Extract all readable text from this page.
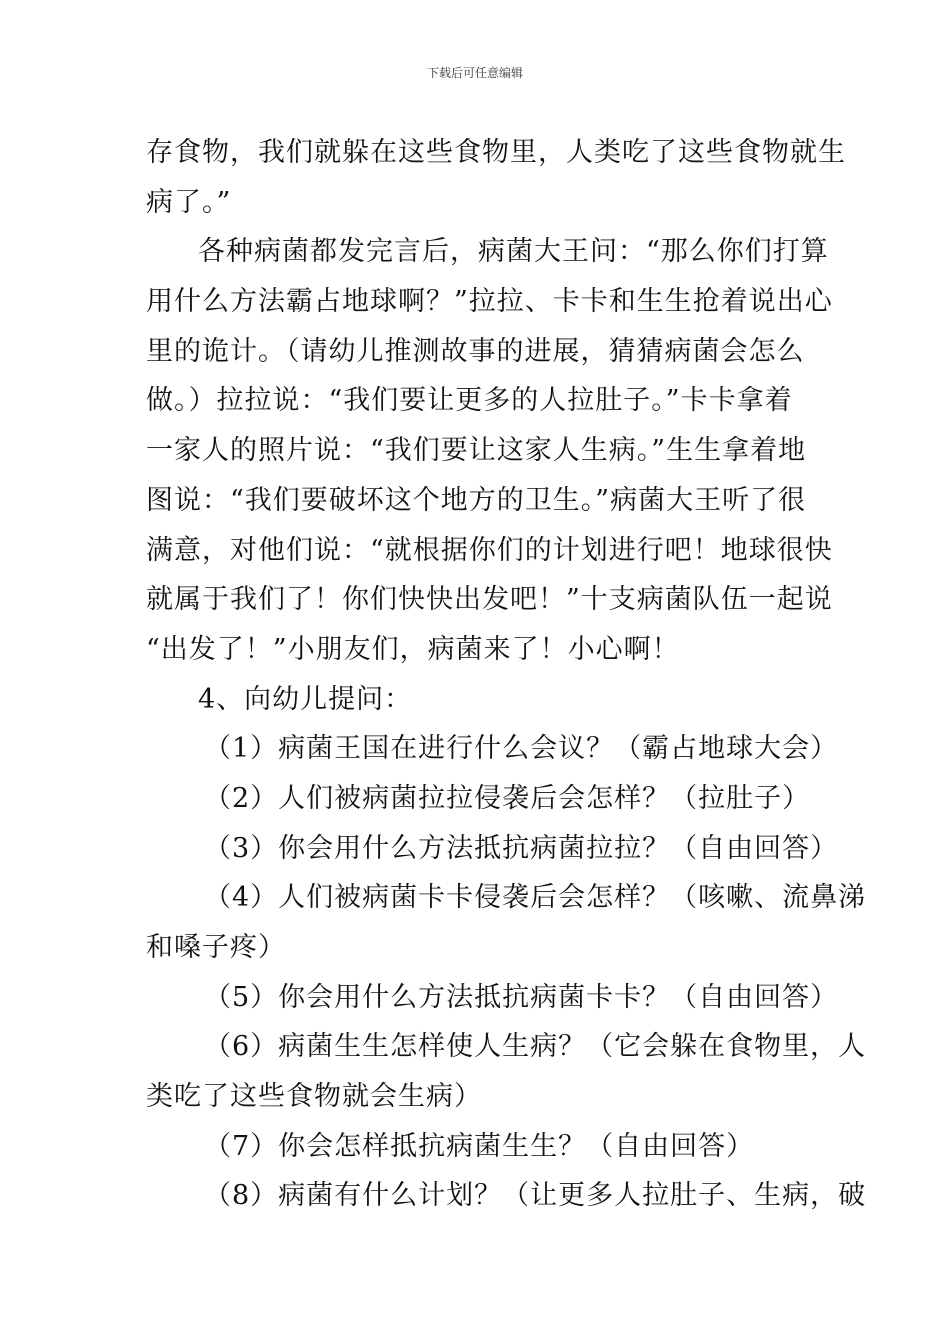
下载后可任意编辑
存食物，我们就躲在这些食物里，人类吃了这些食物就生
病了。”
各种病菌都发完言后，病菌大王问：“那么你们打算
用什么方法霸占地球啊？”拉拉、卡卡和生生抢着说出心
里的诡计。（请幼儿推测故事的进展，猜猜病菌会怎么
做。）拉拉说：“我们要让更多的人拉肚子。”卡卡拿着
一家人的照片说：“我们要让这家人生病。”生生拿着地
图说：“我们要破坏这个地方的卫生。”病菌大王听了很
满意，对他们说：“就根据你们的计划进行吧！地球很快
就属于我们了！你们快快出发吧！”十支病菌队伍一起说
“出发了！”小朋友们，病菌来了！小心啊！
4、向幼儿提问：
（1）病菌王国在进行什么会议？（霸占地球大会）
（2）人们被病菌拉拉侵袭后会怎样？（拉肚子）
（3）你会用什么方法抵抗病菌拉拉？（自由回答）
（4）人们被病菌卡卡侵袭后会怎样？（咳嗽、流鼻涕
和嗓子疼）
（5）你会用什么方法抵抗病菌卡卡？（自由回答）
（6）病菌生生怎样使人生病？（它会躲在食物里，人
类吃了这些食物就会生病）
（7）你会怎样抵抗病菌生生？（自由回答）
（8）病菌有什么计划？（让更多人拉肚子、生病，破
